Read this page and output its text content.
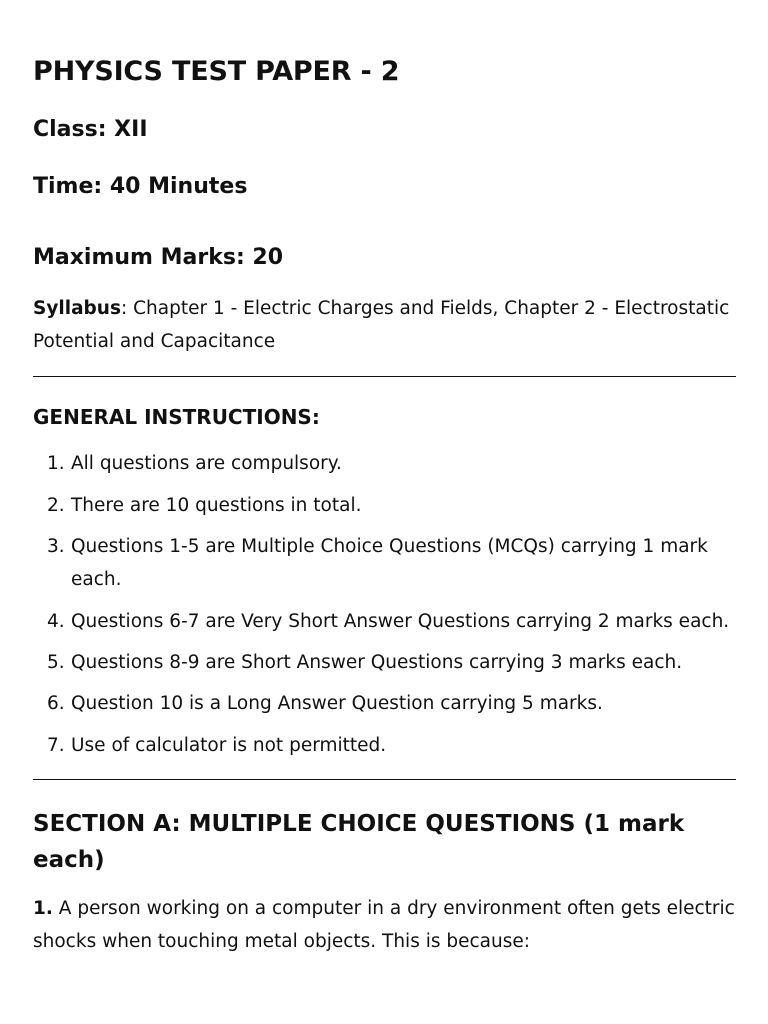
PHYSICS TEST PAPER - 2
Class: XII
Time: 40 Minutes
Maximum Marks: 20
Syllabus: Chapter 1 - Electric Charges and Fields, Chapter 2 - Electrostatic Potential and Capacitance
GENERAL INSTRUCTIONS:
1. All questions are compulsory.
2. There are 10 questions in total.
3. Questions 1-5 are Multiple Choice Questions (MCQs) carrying 1 mark each.
4. Questions 6-7 are Very Short Answer Questions carrying 2 marks each.
5. Questions 8-9 are Short Answer Questions carrying 3 marks each.
6. Question 10 is a Long Answer Question carrying 5 marks.
7. Use of calculator is not permitted.
SECTION A: MULTIPLE CHOICE QUESTIONS (1 mark each)
1. A person working on a computer in a dry environment often gets electric shocks when touching metal objects. This is because:
